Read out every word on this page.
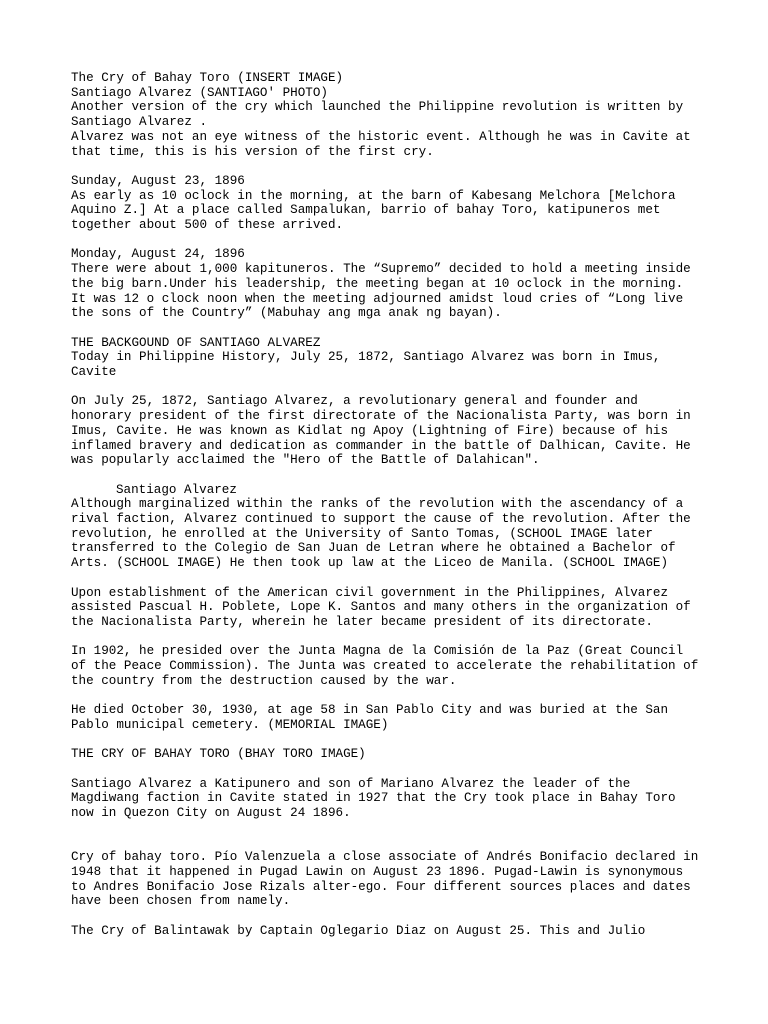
The Cry of Bahay Toro (INSERT IMAGE)

Santiago Alvarez (SANTIAGO' PHOTO)

Another version of the cry which launched the Philippine revolution is written by
Santiago Alvarez .

Alvarez was not an eye witness of the historic event. Although he was in Cavite at
that time, this is his version of the first cry.

Sunday, August 23, 1896

As early as 10 oclock in the morning, at the barn of Kabesang Melchora [Melchora
Aquino Z.] At a place called Sampalukan, barrio of bahay Toro, katipuneros met
together about 500 of these arrived.

Monday, August 24, 1896

There were about 1,000 kapituneros. The “Supremo” decided to hold a meeting inside
the big barn.Under his leadership, the meeting began at 10 oclock in the morning.
It was 12 o clock noon when the meeting adjourned amidst loud cries of “Long live
the sons of the Country” (Mabuhay ang mga anak ng bayan).

THE BACKGOUND OF SANTIAGO ALVAREZ

Today in Philippine History, July 25, 1872, Santiago Alvarez was born in Imus,
Cavite

On July 25, 1872, Santiago Alvarez, a revolutionary general and founder and
honorary president of the first directorate of the Nacionalista Party, was born in
Imus, Cavite. He was known as Kidlat ng Apoy (Lightning of Fire) because of his
inflamed bravery and dedication as commander in the battle of Dalhican, Cavite. He
was popularly acclaimed the "Hero of the Battle of Dalahican".

Santiago Alvarez

Although marginalized within the ranks of the revolution with the ascendancy of a
rival faction, Alvarez continued to support the cause of the revolution. After the
revolution, he enrolled at the University of Santo Tomas, (SCHOOL IMAGE later
transferred to the Colegio de San Juan de Letran where he obtained a Bachelor of
Arts. (SCHOOL IMAGE) He then took up law at the Liceo de Manila. (SCHOOL IMAGE)

Upon establishment of the American civil government in the Philippines, Alvarez
assisted Pascual H. Poblete, Lope K. Santos and many others in the organization of
the Nacionalista Party, wherein he later became president of its directorate.

In 1902, he presided over the Junta Magna de la Comisión de la Paz (Great Council
of the Peace Commission). The Junta was created to accelerate the rehabilitation of
the country from the destruction caused by the war.

He died October 30, 1930, at age 58 in San Pablo City and was buried at the San
Pablo municipal cemetery. (MEMORIAL IMAGE)

THE CRY OF BAHAY TORO (BHAY TORO IMAGE)

Santiago Alvarez a Katipunero and son of Mariano Alvarez the leader of the
Magdiwang faction in Cavite stated in 1927 that the Cry took place in Bahay Toro
now in Quezon City on August 24 1896.

Cry of bahay toro. Pío Valenzuela a close associate of Andrés Bonifacio declared in
1948 that it happened in Pugad Lawin on August 23 1896. Pugad-Lawin is synonymous
to Andres Bonifacio Jose Rizals alter-ego. Four different sources places and dates
have been chosen from namely.

The Cry of Balintawak by Captain Oglegario Diaz on August 25. This and Julio
